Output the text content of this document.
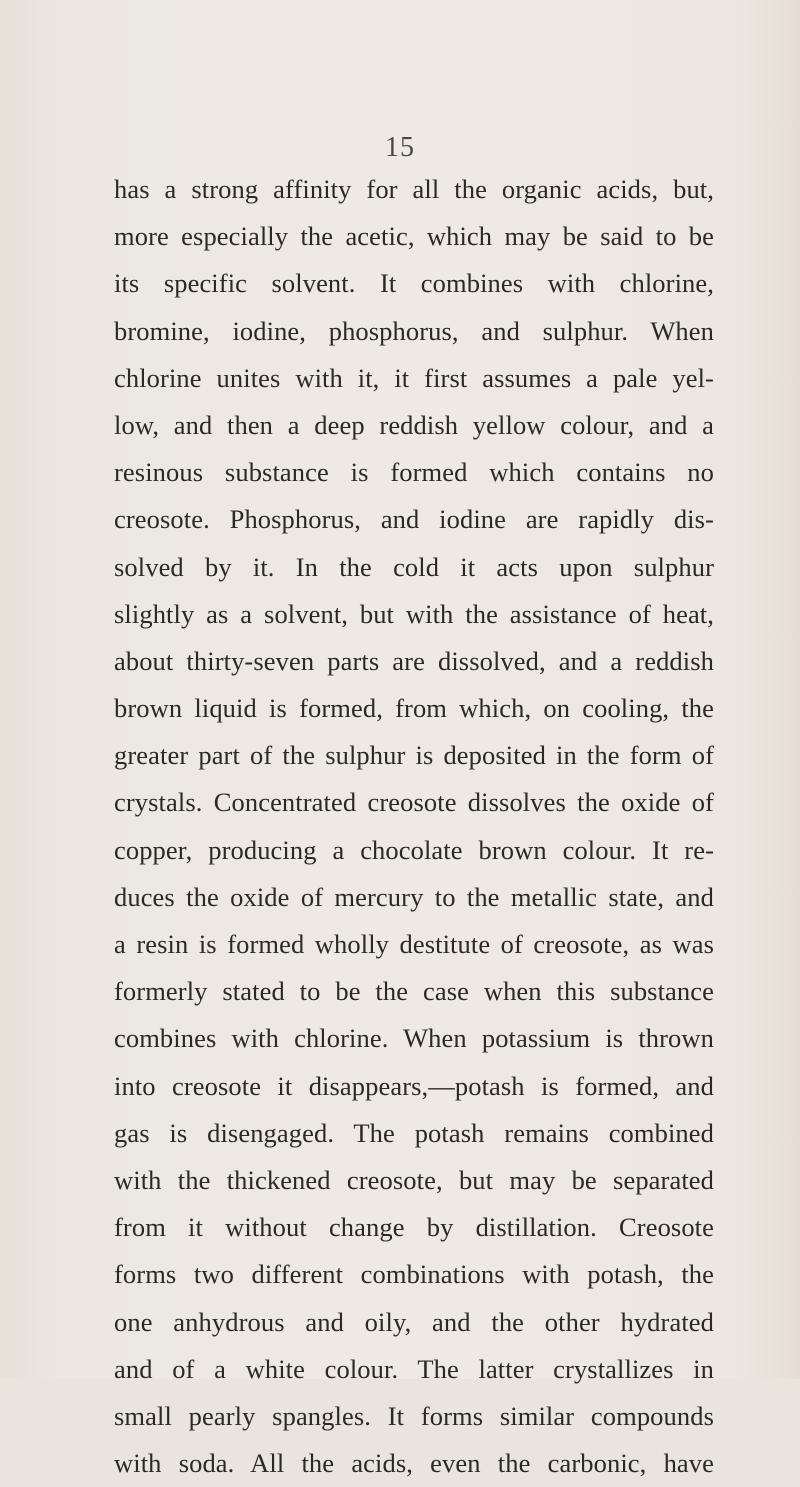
15
has a strong affinity for all the organic acids, but,
more especially the acetic, which may be said to be
its specific solvent. It combines with chlorine,
bromine, iodine, phosphorus, and sulphur. When
chlorine unites with it, it first assumes a pale yel-
low, and then a deep reddish yellow colour, and a
resinous substance is formed which contains no
creosote. Phosphorus, and iodine are rapidly dis-
solved by it. In the cold it acts upon sulphur
slightly as a solvent, but with the assistance of heat,
about thirty-seven parts are dissolved, and a reddish
brown liquid is formed, from which, on cooling, the
greater part of the sulphur is deposited in the form of
crystals. Concentrated creosote dissolves the oxide of
copper, producing a chocolate brown colour. It re-
duces the oxide of mercury to the metallic state, and
a resin is formed wholly destitute of creosote, as was
formerly stated to be the case when this substance
combines with chlorine. When potassium is thrown
into creosote it disappears,—potash is formed, and
gas is disengaged. The potash remains combined
with the thickened creosote, but may be separated
from it without change by distillation. Creosote
forms two different combinations with potash, the
one anhydrous and oily, and the other hydrated
and of a white colour. The latter crystallizes in
small pearly spangles. It forms similar compounds
with soda. All the acids, even the carbonic, have
